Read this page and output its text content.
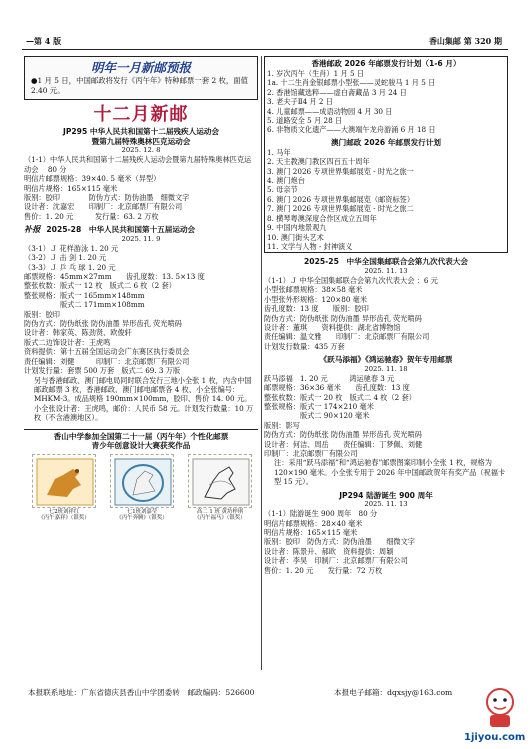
—第 4 版	香山集邮 第 320 期
明年一月新邮预报
●1 月 5 日，中国邮政将发行《丙午年》特种邮票一套 2 枚，面值 2.40 元。
十二月新邮
JP295 中华人民共和国第十二届残疾人运动会
暨第九届特殊奥林匹克运动会
2025. 12. 8
（1-1）中华人民共和国第十二届残疾人运动会暨第九届特殊奥林匹克运动会　 80 分
明信片邮票规格：39×40. 5 毫米（异型）
明信片规格：165×115 毫米
版别：胶印　　　　防伪方式：防伪油墨　细微文字
设计者：沈嘉宏　　印制厂：北京邮票厂有限公司
售价：1. 20 元　　　发行量：63. 2 万枚
补报 2025-28　中华人民共和国第十五届运动会
2025. 11. 9
（3-1）Ｊ 花样游泳 1. 20 元
（3-2）Ｊ 击 剑 1. 20 元
（3-3）Ｊ 乒 乓 球 1. 20 元
邮票规格：45mm×27mm　　齿孔度数：13. 5×13 度
整张枚数：版式一 12 枚　版式二 6 枚（2 套）
整张规格：版式一 165mm×148mm
　　　　　版式二 171mm×108mm
版别：胶印
防伪方式：防伪纸张 防伪油墨 异形齿孔 荧光喷码
设计者：韩家英、陈劲贤、欧俊轩
版式二边饰设计者：王虎鸣
资料提供：第十五届全国运动会广东赛区执行委员会
责任编辑：刘健　　　印制厂：北京邮票厂有限公司
计划发行量：套票 500 万套　版式二 69. 3 万版
另与香港邮政、澳门邮电局同时联合发行三地小全张 1 枚，内含中国邮政邮票 3 枚，香港邮政、澳门邮电邮票各 4 枚、小全张编号：MHKM-3。成品规格 190mm×100mm，胶印、售价 14. 00 元。小全张设计者：王虎鸣，邮价：人民币 58 元。计划发行数量：10 万枚（不含港澳地区）。
香山中学参加全国第二十一届（丙午年）个性化邮票
青少年创意设计大赛获奖作品
七2班刘祥红
《丙午嘉祥》（银奖）
七1班刘嘉莹
《丙午奔腾》（银奖）
高二 1 班 黄坊梓琪
《丙午福马》（银奖）
香港邮政 2026 年邮票发行计划（1-6 月）
1. 岁次丙午（生肖）1 月 5 日
1a. 十二生肖金银邮票小型张——灵蛇骏马 1 月 5 日
2. 香港馆藏选粹——虚白斋藏品 3 月 24 日
3. 老夫子Ⅱ4 月 2 日
4. 儿童邮票——成语动物园 4 月 30 日
5. 道路安全 5 月 28 日
6. 非物质文化遗产——大澳端午龙舟游涌 6 月 18 日
澳门邮政 2026 年邮票发行计划
1. 马年
2. 天主教澳门教区四百五十周年
3. 澳门 2026 专项世界集邮展览 - 时光之旅一
4. 澳门炮台
5. 母亲节
6. 澳门 2026 专项世界集邮展览（邮资标签）
7. 澳门 2026 专项世界集邮展览 - 时光之旅二
8. 横琴粤澳深度合作区成立五周年
9. 中国内地景观九
10. 澳门街头艺术
11. 文学与人物 - 封神演义
2025-25　中华全国集邮联合会第九次代表大会
2025. 11. 13
（1-1）Ｊ 中华全国集邮联合会第九次代表大会 ：6 元
小型张邮票规格：38×58 毫米
小型张外形规格：120×80 毫米
齿孔度数：13 度　　版别：胶印
防伪方式：防伪纸张 防伪油墨 异形齿孔 荧光喷码
设计者：董琪　　资料提供：湖北省博物馆
责任编辑：温文雅　　印制厂：北京邮票厂有限公司
计划发行数量：435 万套
《跃马添福》《鸿运驰春》贺年专用邮票
2025. 11. 18
跃马添福　1. 20 元　　　鸿运驰春 3 元
邮票规格：36×36 毫米　　齿孔度数：13 度
整张枚数：版式一 20 枚　版式二 4 枚（2 套）
整张规格：版式一 174×210 毫米
　　　　　版式二 90×120 毫米
版别：影写
防伪方式：防伪纸张 防伪油墨 异形齿孔 荧光喷码
设计者：何洁、周岳　　责任编辑：丁梦佩、刘健
印制厂：北京邮票厂有限公司
注：采用“跃马添福”和“鸿运驰春”邮票图案印制小全张 1 枚，规格为 120×190 毫米。小全张专用于 2026 年中国邮政贺年有奖产品（祝福卡型 15 元）。
JP294 陆游诞生 900 周年
2025. 11. 13
（1-1）陆游诞生 900 周年　80 分
明信片邮票规格：28×40 毫米
明信片规格：165×115 毫米
版别：胶印　防伪方式：防伪油墨　　细微文字
设计者：陈景升、郝欧　资料提供：周颖
设计者：李昊　印制厂：北京邮票厂有限公司
售价：1. 20 元　　发行量：72 万枚
本报联系地址：广东省德庆县香山中学团委转　邮政编码：526600	本报电子邮箱：dqxsjy@163.com
1jiyou.com
